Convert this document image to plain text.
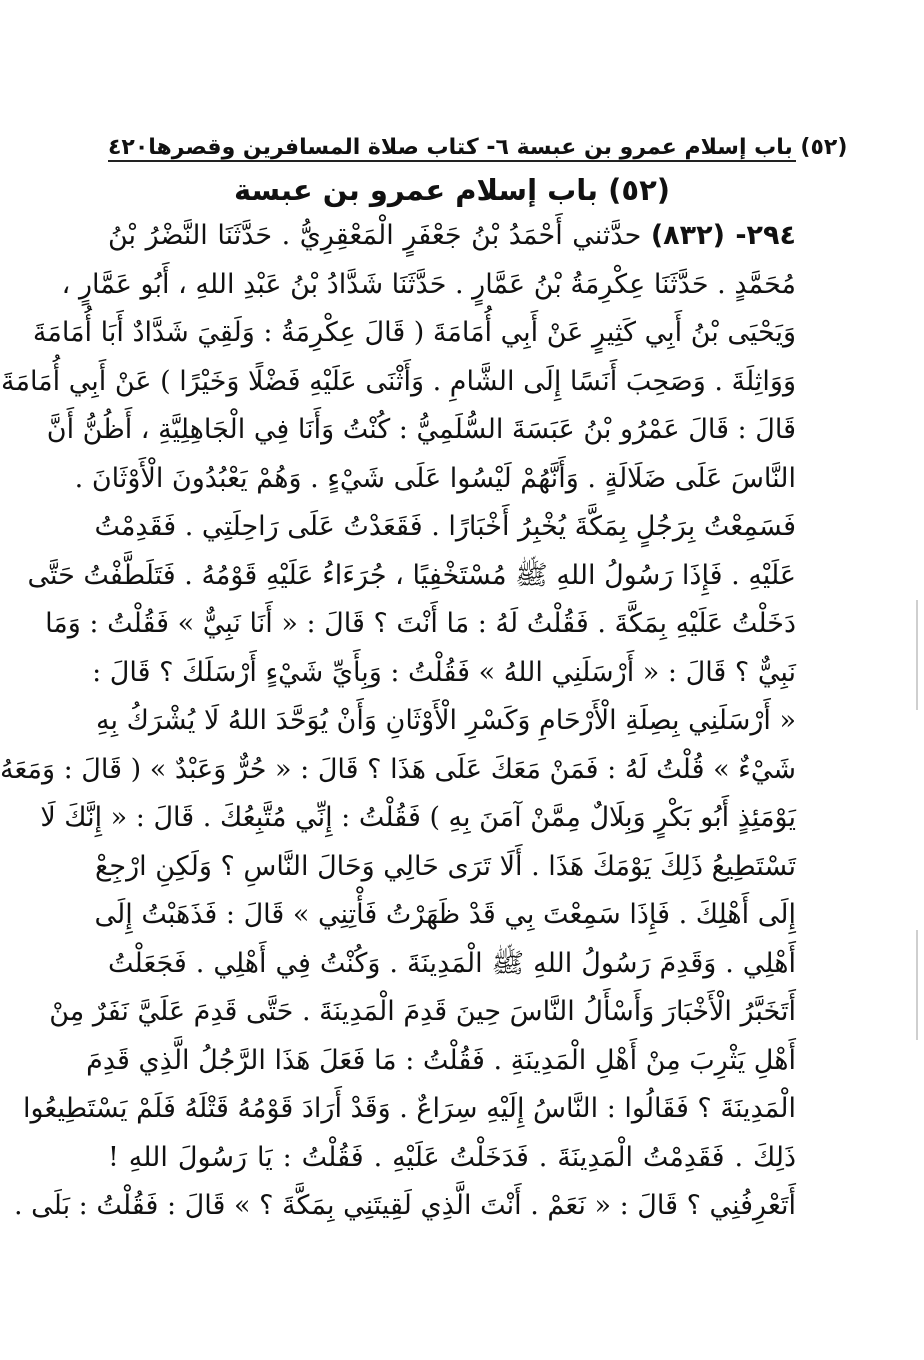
٤٢٠ (٥٢) باب إسلام عمرو بن عبسة ٦- كتاب صلاة المسافرين وقصرها
(٥٢) باب إسلام عمرو بن عبسة
٢٩٤- (٨٣٢) حدَّثني أَحْمَدُ بْنُ جَعْفَرٍ الْمَعْقِرِيُّ . حَدَّثَنَا النَّضْرُ بْنُ
مُحَمَّدٍ . حَدَّثَنَا عِكْرِمَةُ بْنُ عَمَّارٍ . حَدَّثَنَا شَدَّادُ بْنُ عَبْدِ اللهِ ، أَبُو عَمَّارٍ ،
وَيَحْيَى بْنُ أَبِي كَثِيرٍ عَنْ أَبِي أُمَامَةَ ( قَالَ عِكْرِمَةُ : وَلَقِيَ شَدَّادٌ أَبَا أُمَامَةَ
وَوَاثِلَةَ . وَصَحِبَ أَنَسًا إِلَى الشَّامِ . وَأَثْنَى عَلَيْهِ فَضْلًا وَخَيْرًا ) عَنْ أَبِي أُمَامَةَ
قَالَ : قَالَ عَمْرُو بْنُ عَبَسَةَ السُّلَمِيُّ : كُنْتُ وَأَنَا فِي الْجَاهِلِيَّةِ ، أَظُنُّ أَنَّ
النَّاسَ عَلَى ضَلَالَةٍ . وَأَنَّهُمْ لَيْسُوا عَلَى شَيْءٍ . وَهُمْ يَعْبُدُونَ الْأَوْثَانَ .
فَسَمِعْتُ بِرَجُلٍ بِمَكَّةَ يُخْبِرُ أَخْبَارًا . فَقَعَدْتُ عَلَى رَاحِلَتِي . فَقَدِمْتُ
عَلَيْهِ . فَإِذَا رَسُولُ اللهِ ﷺ مُسْتَخْفِيًا ، جُرَءَاءُ عَلَيْهِ قَوْمُهُ . فَتَلَطَّفْتُ حَتَّى
دَخَلْتُ عَلَيْهِ بِمَكَّةَ . فَقُلْتُ لَهُ : مَا أَنْتَ ؟ قَالَ : « أَنَا نَبِيٌّ » فَقُلْتُ : وَمَا
نَبِيٌّ ؟ قَالَ : « أَرْسَلَنِي اللهُ » فَقُلْتُ : وَبِأَيِّ شَيْءٍ أَرْسَلَكَ ؟ قَالَ :
« أَرْسَلَنِي بِصِلَةِ الْأَرْحَامِ وَكَسْرِ الْأَوْثَانِ وَأَنْ يُوَحَّدَ اللهُ لَا يُشْرَكُ بِهِ
شَيْءٌ » قُلْتُ لَهُ : فَمَنْ مَعَكَ عَلَى هَذَا ؟ قَالَ : « حُرٌّ وَعَبْدٌ » ( قَالَ : وَمَعَهُ
يَوْمَئِذٍ أَبُو بَكْرٍ وَبِلَالٌ مِمَّنْ آمَنَ بِهِ ) فَقُلْتُ : إِنِّي مُتَّبِعُكَ . قَالَ : « إِنَّكَ لَا
تَسْتَطِيعُ ذَلِكَ يَوْمَكَ هَذَا . أَلَا تَرَى حَالِي وَحَالَ النَّاسِ ؟ وَلَكِنِ ارْجِعْ
إِلَى أَهْلِكَ . فَإِذَا سَمِعْتَ بِي قَدْ ظَهَرْتُ فَأْتِنِي » قَالَ : فَذَهَبْتُ إِلَى
أَهْلِي . وَقَدِمَ رَسُولُ اللهِ ﷺ الْمَدِينَةَ . وَكُنْتُ فِي أَهْلِي . فَجَعَلْتُ
أَتَخَبَّرُ الْأَخْبَارَ وَأَسْأَلُ النَّاسَ حِينَ قَدِمَ الْمَدِينَةَ . حَتَّى قَدِمَ عَلَيَّ نَفَرٌ مِنْ
أَهْلِ يَثْرِبَ مِنْ أَهْلِ الْمَدِينَةِ . فَقُلْتُ : مَا فَعَلَ هَذَا الرَّجُلُ الَّذِي قَدِمَ
الْمَدِينَةَ ؟ فَقَالُوا : النَّاسُ إِلَيْهِ سِرَاعٌ . وَقَدْ أَرَادَ قَوْمُهُ قَتْلَهُ فَلَمْ يَسْتَطِيعُوا
ذَلِكَ . فَقَدِمْتُ الْمَدِينَةَ . فَدَخَلْتُ عَلَيْهِ . فَقُلْتُ : يَا رَسُولَ اللهِ !
أَتَعْرِفُنِي ؟ قَالَ : « نَعَمْ . أَنْتَ الَّذِي لَقِيتَنِي بِمَكَّةَ ؟ » قَالَ : فَقُلْتُ : بَلَى .
